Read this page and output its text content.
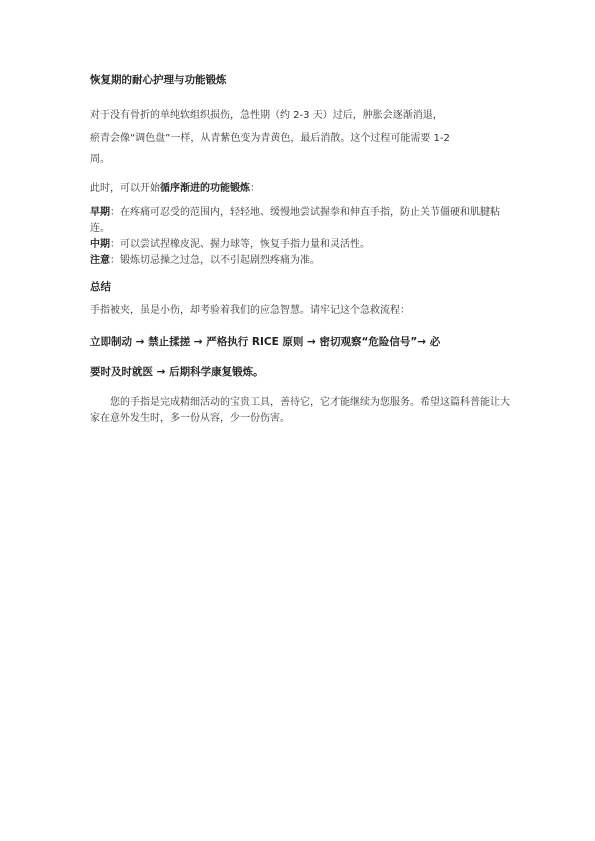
恢复期的耐心护理与功能锻炼

对于没有骨折的单纯软组织损伤，急性期（约 2-3 天）过后，肿胀会逐渐消退，

瘀青会像“调色盘”一样，从青紫色变为青黄色，最后消散。这个过程可能需要 1-2

周。

此时，可以开始循序渐进的功能锻炼：

早期：在疼痛可忍受的范围内，轻轻地、缓慢地尝试握拳和伸直手指，防止关节僵硬和肌腱粘连。

中期：可以尝试捏橡皮泥、握力球等，恢复手指力量和灵活性。

注意：锻炼切忌操之过急，以不引起剧烈疼痛为准。

总结

手指被夹，虽是小伤，却考验着我们的应急智慧。请牢记这个急救流程：

立即制动 → 禁止揉搓 → 严格执行 RICE 原则 → 密切观察“危险信号”→ 必

要时及时就医 → 后期科学康复锻炼。

您的手指是完成精细活动的宝贵工具，善待它，它才能继续为您服务。希望这篇科普能让大家在意外发生时，多一份从容，少一份伤害。
